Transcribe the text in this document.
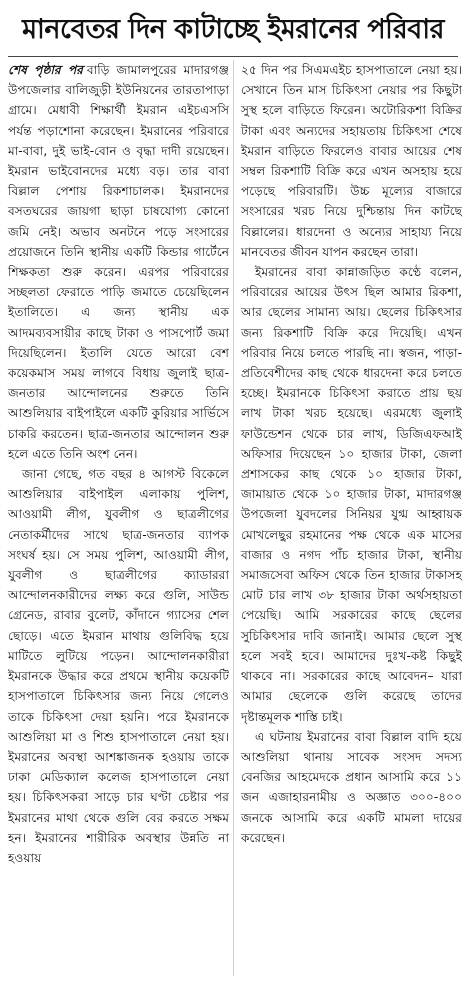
মানবেতর দিন কাটাচ্ছে ইমরানের পরিবার

শেষ পৃষ্ঠার পর বাড়ি জামালপুরের মাদারগঞ্জ উপজেলার বালিজুড়ী ইউনিয়নের তারতাপাড়া গ্রামে। মেধাবী শিক্ষার্থী ইমরান এইচএসসি পর্যন্ত পড়াশোনা করেছেন। ইমরানের পরিবারে মা-বাবা, দুই ভাই-বোন ও বৃদ্ধা দাদী রয়েছেন। ইমরান ভাইবোনদের মধ্যে বড়। তার বাবা বিল্লাল পেশায় রিকশাচালক। ইমরানদের বসতঘরের জায়গা ছাড়া চাষযোগ্য কোনো জমি নেই। অভাব অনটনে পড়ে সংসারের প্রয়োজনে তিনি স্থানীয় একটি কিন্ডার গার্টেনে শিক্ষকতা শুরু করেন। এরপর পরিবারের সচ্ছলতা ফেরাতে পাড়ি জমাতে চেয়েছিলেন ইতালিতে। এ জন্য স্থানীয় এক আদমব্যবসায়ীর কাছে টাকা ও পাসপোর্ট জমা দিয়েছিলেন। ইতালি যেতে আরো বেশ কয়েকমাস সময় লাগবে বিধায় জুলাই ছাত্র-জনতার আন্দোলনের শুরুতে তিনি আশুলিয়ার বাইপাইলে একটি কুরিয়ার সার্ভিসে চাকরি করতেন। ছাত্র-জনতার আন্দোলন শুরু হলে এতে তিনি অংশ নেন।

জানা গেছে, গত বছর ৪ আগস্ট বিকেলে আশুলিয়ার বাইপাইল এলাকায় পুলিশ, আওয়ামী লীগ, যুবলীগ ও ছাত্রলীগের নেতাকর্মীদের সাথে ছাত্র-জনতার ব্যাপক সংঘর্ষ হয়। সে সময় পুলিশ, আওয়ামী লীগ, যুবলীগ ও ছাত্রলীগের ক্যাডাররা আন্দোলনকারীদের লক্ষ্য করে গুলি, সাউন্ড গ্রেনেড, রাবার বুলেট, কাঁদানে গ্যাসের শেল ছোড়ে। এতে ইমরান মাথায় গুলিবিদ্ধ হয়ে মাটিতে লুটিয়ে পড়েন। আন্দোলনকারীরা ইমরানকে উদ্ধার করে প্রথমে স্থানীয় কয়েকটি হাসপাতালে চিকিৎসার জন্য নিয়ে গেলেও তাকে চিকিৎসা দেয়া হয়নি। পরে ইমরানকে আশুলিয়া মা ও শিশু হাসপাতালে নেয়া হয়। ইমরানের অবস্থা আশঙ্কাজনক হওয়ায় তাকে ঢাকা মেডিক্যাল কলেজ হাসপাতালে নেয়া হয়। চিকিৎসকরা সাড়ে চার ঘণ্টা চেষ্টার পর ইমরানের মাথা থেকে গুলি বের করতে সক্ষম হন। ইমরানের শারীরিক অবস্থার উন্নতি না হওয়ায়

২৫ দিন পর সিএমএইচ হাসপাতালে নেয়া হয়। সেখানে তিন মাস চিকিৎসা নেয়ার পর কিছুটা সুস্থ হলে বাড়িতে ফিরেন। অটোরিকশা বিক্রির টাকা এবং অন্যদের সহায়তায় চিকিৎসা শেষে ইমরান বাড়িতে ফিরলেও বাবার আয়ের শেষ সম্বল রিকশাটি বিক্রি করে এখন অসহায় হয়ে পড়েছে পরিবারটি। উচ্চ মূল্যের বাজারে সংসারের খরচ নিয়ে দুশ্চিন্তায় দিন কাটছে বিল্লালের। ধারদেনা ও অন্যের সাহায্য নিয়ে মানবেতর জীবন যাপন করছেন তারা।

ইমরানের বাবা কান্নাজড়িত কণ্ঠে বলেন, পরিবারের আয়ের উৎস ছিল আমার রিকশা, আর ছেলের সামান্য আয়। ছেলের চিকিৎসার জন্য রিকশাটি বিক্রি করে দিয়েছি। এখন পরিবার নিয়ে চলতে পারছি না। স্বজন, পাড়া-প্রতিবেশীদের কাছ থেকে ধারদেনা করে চলতে হচ্ছে। ইমরানকে চিকিৎসা করাতে প্রায় ছয় লাখ টাকা খরচ হয়েছে। এরমধ্যে জুলাই ফাউন্ডেশন থেকে চার লাখ, ডিজিএফআই অফিসার দিয়েছেন ১০ হাজার টাকা, জেলা প্রশাসকের কাছ থেকে ১০ হাজার টাকা, জামায়াত থেকে ১০ হাজার টাকা, মাদারগঞ্জ উপজেলা যুবদলের সিনিয়র যুগ্ম আহ্বায়ক মোখলেছুর রহমানের পক্ষ থেকে এক মাসের বাজার ও নগদ পাঁচ হাজার টাকা, স্থানীয় সমাজসেবা অফিস থেকে তিন হাজার টাকাসহ মোট চার লাখ ৩৮ হাজার টাকা অর্থসহায়তা পেয়েছি। আমি সরকারের কাছে ছেলের সুচিকিৎসার দাবি জানাই। আমার ছেলে সুস্থ হলে সবই হবে। আমাদের দুঃখ-কষ্ট কিছুই থাকবে না। সরকারের কাছে আবেদন– যারা আমার ছেলেকে গুলি করেছে তাদের দৃষ্টান্তমূলক শাস্তি চাই।

এ ঘটনায় ইমরানের বাবা বিল্লাল বাদি হয়ে আশুলিয়া থানায় সাবেক সংসদ সদস্য বেনজির আহমেদকে প্রধান আসামি করে ১১ জন এজাহারনামীয় ও অজ্ঞাত ৩০০-৪০০ জনকে আসামি করে একটি মামলা দায়ের করেছেন।
